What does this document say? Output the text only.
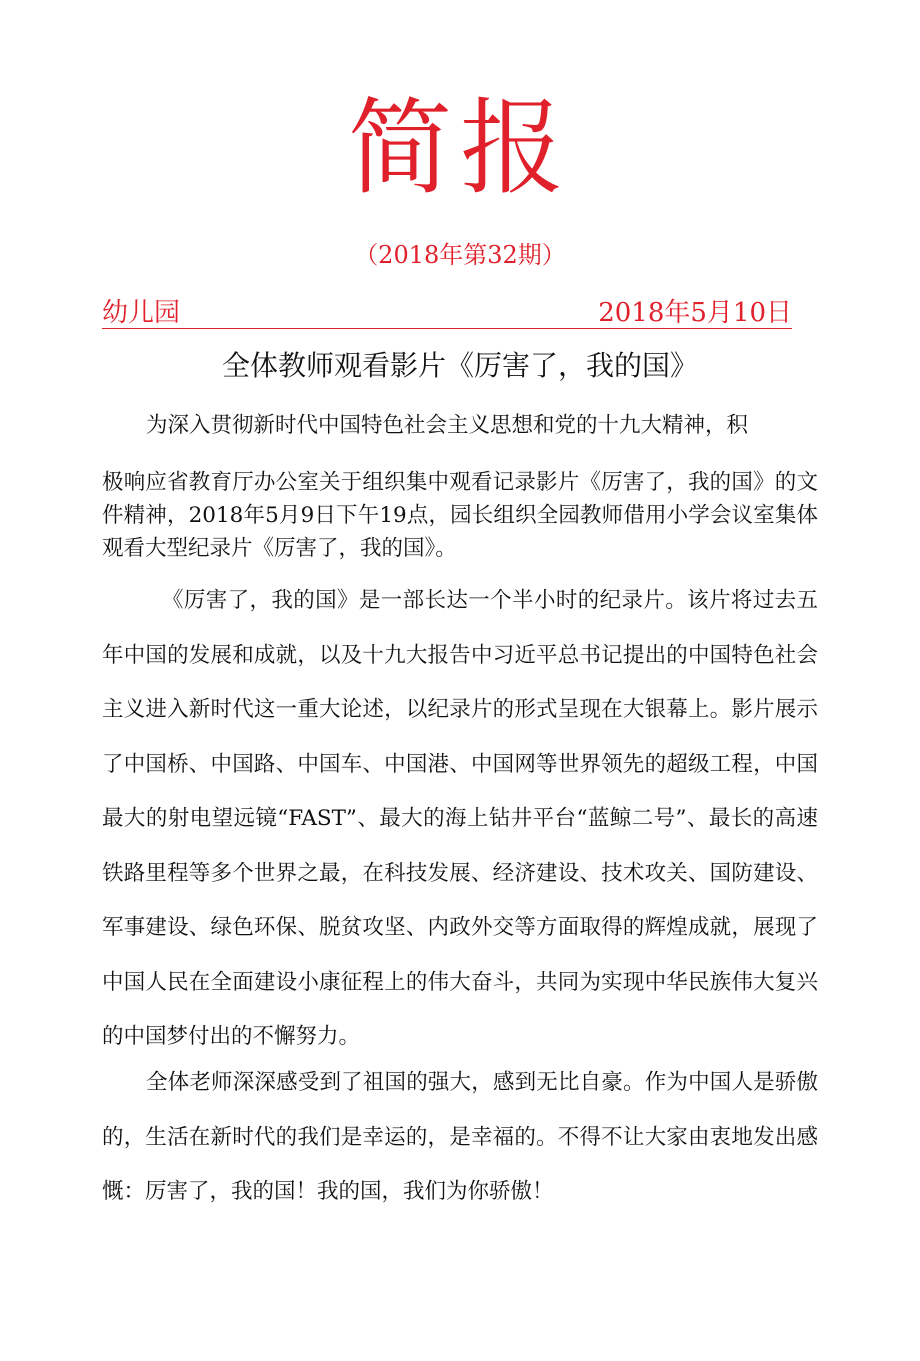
简报
（2018年第32期）
幼儿园	2018年5月10日
全体教师观看影片《厉害了，我的国》

为深入贯彻新时代中国特色社会主义思想和党的十九大精神，积

极响应省教育厅办公室关于组织集中观看记录影片《厉害了，我的国》的文件精神，2018年5月9日下午19点，园长组织全园教师借用小学会议室集体观看大型纪录片《厉害了，我的国》。

《厉害了，我的国》是一部长达一个半小时的纪录片。该片将过去五年中国的发展和成就，以及十九大报告中习近平总书记提出的中国特色社会主义进入新时代这一重大论述，以纪录片的形式呈现在大银幕上。影片展示了中国桥、中国路、中国车、中国港、中国网等世界领先的超级工程，中国最大的射电望远镜“FAST”、最大的海上钻井平台“蓝鲸二号”、最长的高速铁路里程等多个世界之最，在科技发展、经济建设、技术攻关、国防建设、军事建设、绿色环保、脱贫攻坚、内政外交等方面取得的辉煌成就，展现了中国人民在全面建设小康征程上的伟大奋斗，共同为实现中华民族伟大复兴的中国梦付出的不懈努力。

全体老师深深感受到了祖国的强大，感到无比自豪。作为中国人是骄傲的，生活在新时代的我们是幸运的，是幸福的。不得不让大家由衷地发出感慨：厉害了，我的国！我的国，我们为你骄傲！
